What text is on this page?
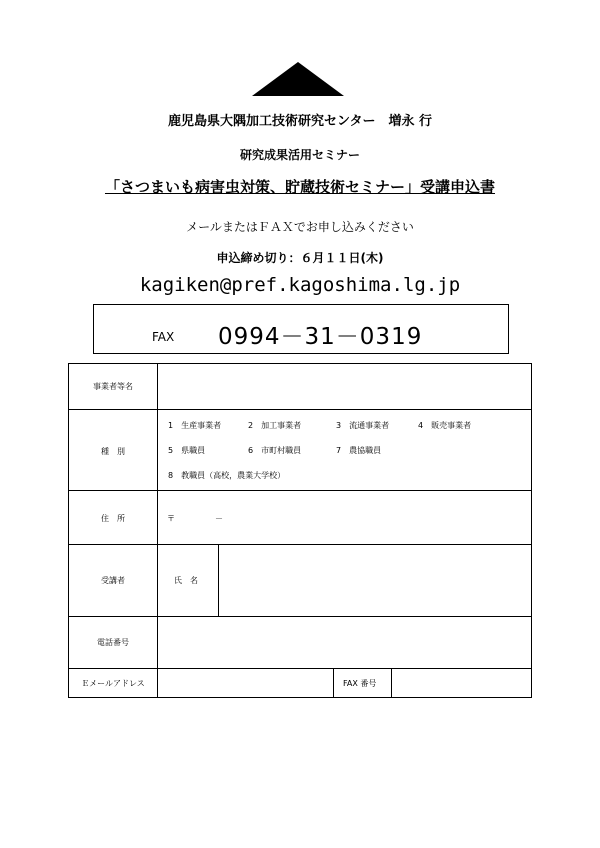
鹿児島県大隅加工技術研究センター　増永 行
研究成果活用セミナー
「さつまいも病害虫対策、貯蔵技術セミナー」受講申込書
メールまたはＦＡＸでお申し込みください
申込締め切り：６月１１日(木)
kagiken@pref.kagoshima.lg.jp
FAX 0994－31－0319
事業者等名
種　別
1　生産事業者	2　加工事業者	3　流通事業者	4　販売事業者
5　県職員	6　市町村職員	7　農協職員
8　教職員（高校，農業大学校）
住　所	〒	－
受講者	氏　名
電話番号
Ｅメールアドレス	FAX 番号
